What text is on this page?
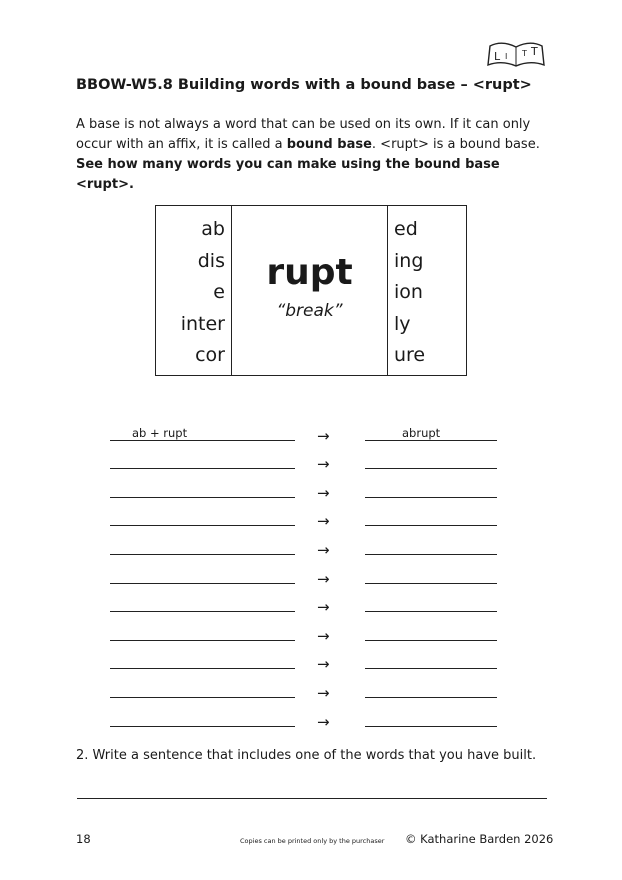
L I T T
BBOW-W5.8 Building words with a bound base – <rupt>
A base is not always a word that can be used on its own. If it can only occur with an affix, it is called a bound base. <rupt> is a bound base.
See how many words you can make using the bound base <rupt>.
ab
dis
e
inter
cor
rupt
“break”
ed
ing
ion
ly
ure
ab + rupt	→	abrupt
→
→
→
→
→
→
→
→
→
→
2. Write a sentence that includes one of the words that you have built.
18	Copies can be printed only by the purchaser © Katharine Barden 2026
